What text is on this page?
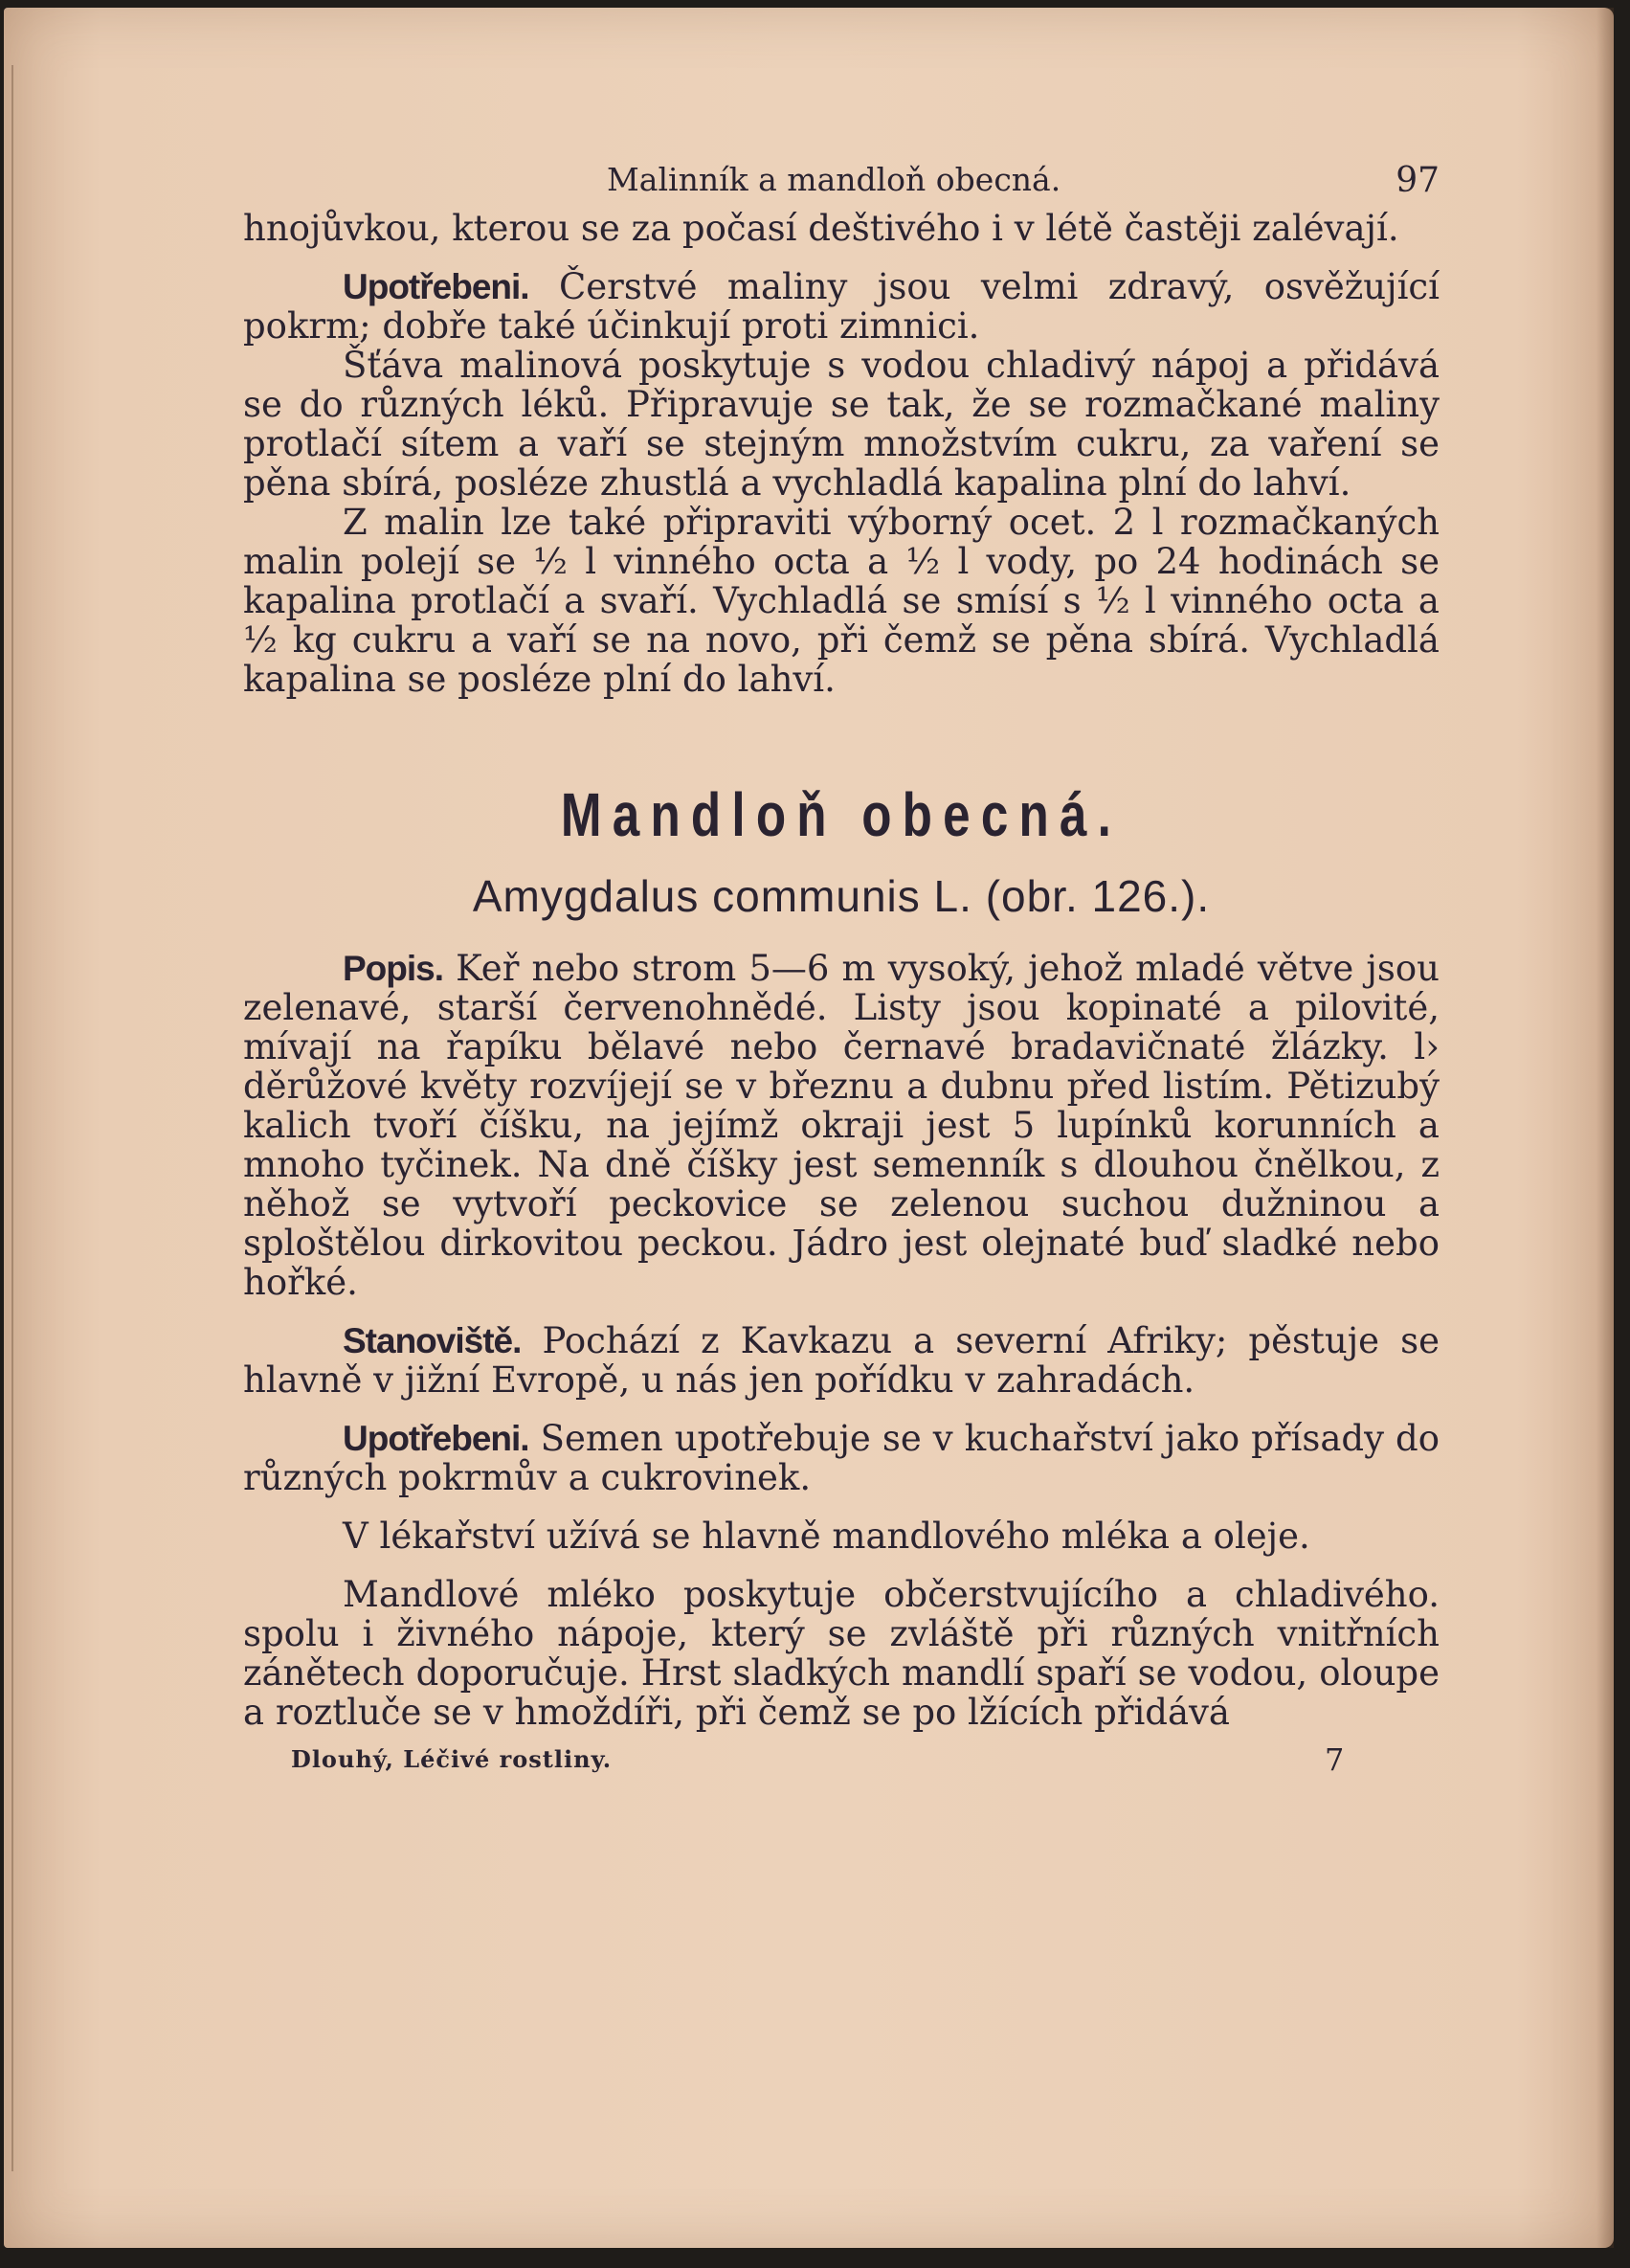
Malinník a mandloň obecná.	97

hnojůvkou, kterou se za počasí deštivého i v létě častěji zalévají.

Upotřebeni. Čerstvé maliny jsou velmi zdravý, osvěžující pokrm; dobře také účinkují proti zimnici.

Šťáva malinová poskytuje s vodou chladivý nápoj a přidává se do různých léků. Připravuje se tak, že se rozmačkané maliny protlačí sítem a vaří se stejným množstvím cukru, za vaření se pěna sbírá, posléze zhustlá a vychladlá kapalina plní do lahví.

Z malin lze také připraviti výborný ocet. 2 l rozmačkaných malin polejí se ½ l vinného octa a ½ l vody, po 24 hodinách se kapalina protlačí a svaří. Vychladlá se smísí s ½ l vinného octa a ½ kg cukru a vaří se na novo, při čemž se pěna sbírá. Vychladlá kapalina se posléze plní do lahví.

Mandloň obecná.
Amygdalus communis L. (obr. 126.).

Popis. Keř nebo strom 5—6 m vysoký, jehož mladé větve jsou zelenavé, starší červenohnědé. Listy jsou kopinaté a pilovité, mívají na řapíku bělavé nebo černavé bradavičnaté žlázky. l› děrůžové květy rozvíjejí se v březnu a dubnu před listím. Pětizubý kalich tvoří číšku, na jejímž okraji jest 5 lupínků korunních a mnoho tyčinek. Na dně číšky jest semenník s dlouhou čnělkou, z něhož se vytvoří peckovice se zelenou suchou dužninou a sploštělou dirkovitou peckou. Jádro jest olejnaté buď sladké nebo hořké.

Stanoviště. Pochází z Kavkazu a severní Afriky; pěstuje se hlavně v jižní Evropě, u nás jen pořídku v zahradách.

Upotřebeni. Semen upotřebuje se v kuchařství jako přísady do různých pokrmův a cukrovinek.

V lékařství užívá se hlavně mandlového mléka a oleje.

Mandlové mléko poskytuje občerstvujícího a chladivého. spolu i živného nápoje, který se zvláště při různých vnitřních zánětech doporučuje. Hrst sladkých mandlí spaří se vodou, oloupe a roztluče se v hmoždíři, při čemž se po lžících přidává

Dlouhý, Léčivé rostliny.	7
